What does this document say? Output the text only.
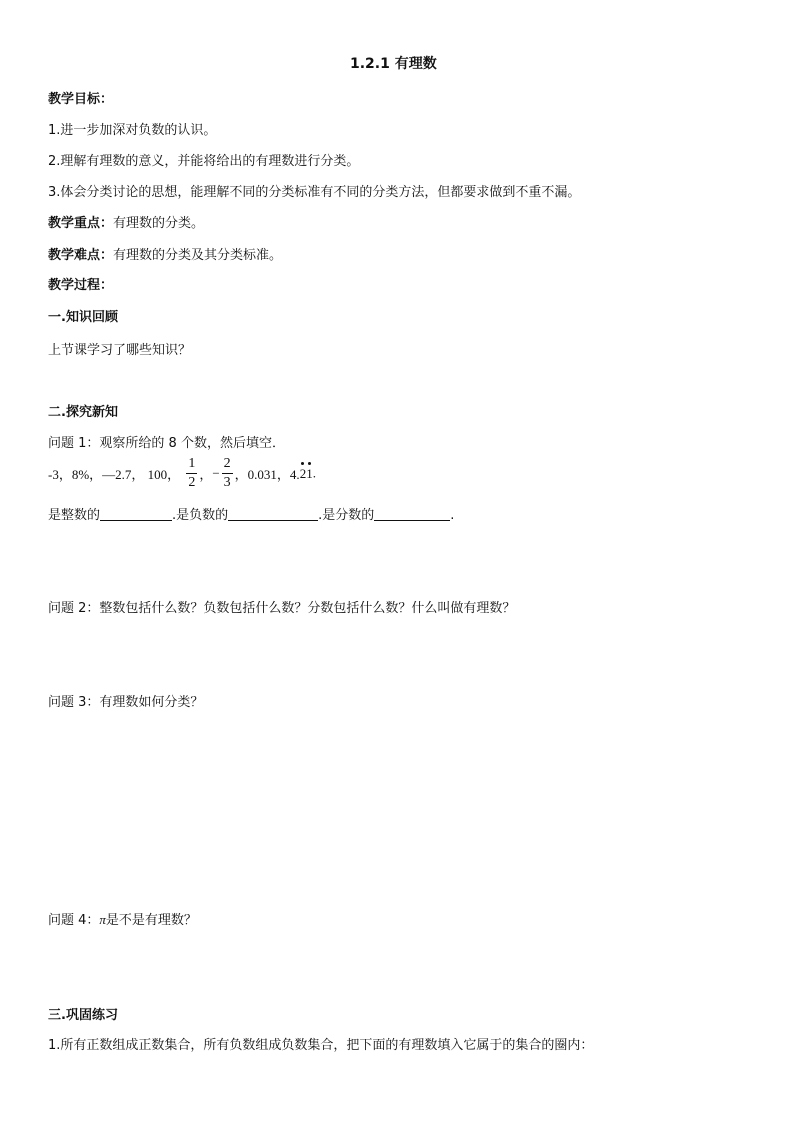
1.2.1 有理数
教学目标：
1.进一步加深对负数的认识。
2.理解有理数的意义，并能将给出的有理数进行分类。
3.体会分类讨论的思想，能理解不同的分类标准有不同的分类方法，但都要求做到不重不漏。
教学重点：有理数的分类。
教学难点：有理数的分类及其分类标准。
教学过程：
一.知识回顾
上节课学习了哪些知识？
二.探究新知
问题 1：观察所给的 8 个数，然后填空．
-3，8%，—2.7， 100， $\frac{1}{2}$ ，− $\frac{2}{3}$ ，0.031，4.21.
是整数的	.是负数的	.是分数的	.
问题 2：整数包括什么数？负数包括什么数？分数包括什么数？什么叫做有理数？
问题 3：有理数如何分类？
问题 4：π是不是有理数？
三.巩固练习
1.所有正数组成正数集合，所有负数组成负数集合，把下面的有理数填入它属于的集合的圈内：
